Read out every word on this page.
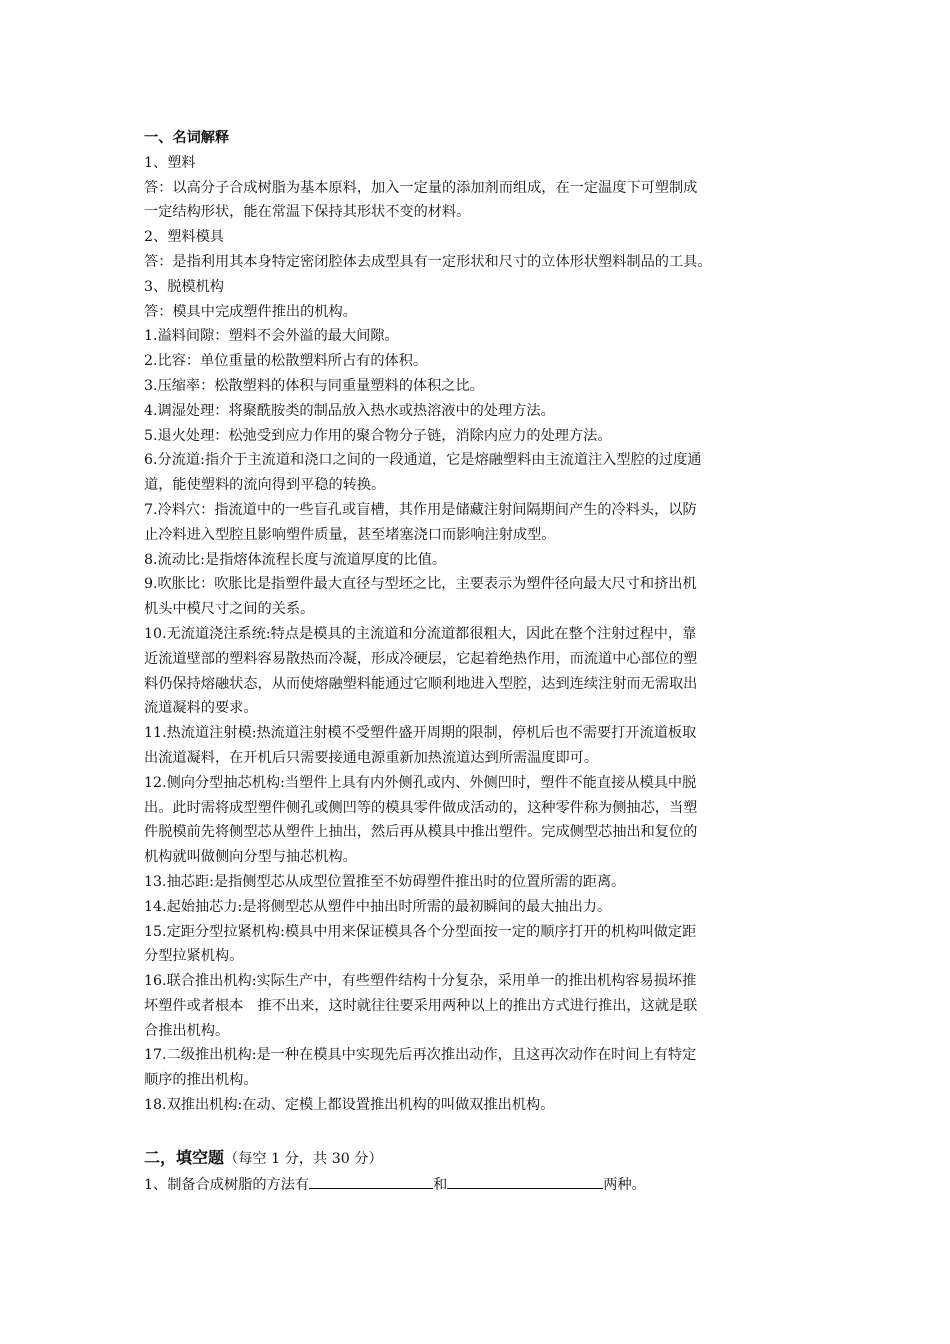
一、名词解释
1、塑料
答：以高分子合成树脂为基本原料，加入一定量的添加剂而组成，在一定温度下可塑制成
一定结构形状，能在常温下保持其形状不变的材料。
2、塑料模具
答：是指利用其本身特定密闭腔体去成型具有一定形状和尺寸的立体形状塑料制品的工具。
3、脱模机构
答：模具中完成塑件推出的机构。
1.溢料间隙：塑料不会外溢的最大间隙。
2.比容：单位重量的松散塑料所占有的体积。
3.压缩率：松散塑料的体积与同重量塑料的体积之比。
4.调湿处理：将聚酰胺类的制品放入热水或热溶液中的处理方法。
5.退火处理：松弛受到应力作用的聚合物分子链，消除内应力的处理方法。
6.分流道:指介于主流道和浇口之间的一段通道，它是熔融塑料由主流道注入型腔的过度通
道，能使塑料的流向得到平稳的转换。
7.冷料穴：指流道中的一些盲孔或盲槽，其作用是储藏注射间隔期间产生的冷料头，以防
止冷料进入型腔且影响塑件质量，甚至堵塞浇口而影响注射成型。
8.流动比:是指熔体流程长度与流道厚度的比值。
9.吹胀比：吹胀比是指塑件最大直径与型坯之比，主要表示为塑件径向最大尺寸和挤出机
机头中模尺寸之间的关系。
10.无流道浇注系统:特点是模具的主流道和分流道都很粗大，因此在整个注射过程中，靠
近流道壁部的塑料容易散热而冷凝，形成冷硬层，它起着绝热作用，而流道中心部位的塑
料仍保持熔融状态，从而使熔融塑料能通过它顺利地进入型腔，达到连续注射而无需取出
流道凝料的要求。
11.热流道注射模:热流道注射模不受塑件盛开周期的限制，停机后也不需要打开流道板取
出流道凝料，在开机后只需要接通电源重新加热流道达到所需温度即可。
12.侧向分型抽芯机构:当塑件上具有内外侧孔或内、外侧凹时，塑件不能直接从模具中脱
出。此时需将成型塑件侧孔或侧凹等的模具零件做成活动的，这种零件称为侧抽芯，当塑
件脱模前先将侧型芯从塑件上抽出，然后再从模具中推出塑件。完成侧型芯抽出和复位的
机构就叫做侧向分型与抽芯机构。
13.抽芯距:是指侧型芯从成型位置推至不妨碍塑件推出时的位置所需的距离。
14.起始抽芯力:是将侧型芯从塑件中抽出时所需的最初瞬间的最大抽出力。
15.定距分型拉紧机构:模具中用来保证模具各个分型面按一定的顺序打开的机构叫做定距
分型拉紧机构。
16.联合推出机构:实际生产中，有些塑件结构十分复杂，采用单一的推出机构容易损坏推
坏塑件或者根本　推不出来，这时就往往要采用两种以上的推出方式进行推出，这就是联
合推出机构。
17.二级推出机构:是一种在模具中实现先后再次推出动作，且这再次动作在时间上有特定
顺序的推出机构。
18.双推出机构:在动、定模上都设置推出机构的叫做双推出机构。
二，填空题（每空 1 分，共 30 分）
1、制备合成树脂的方法有	和	两种。
